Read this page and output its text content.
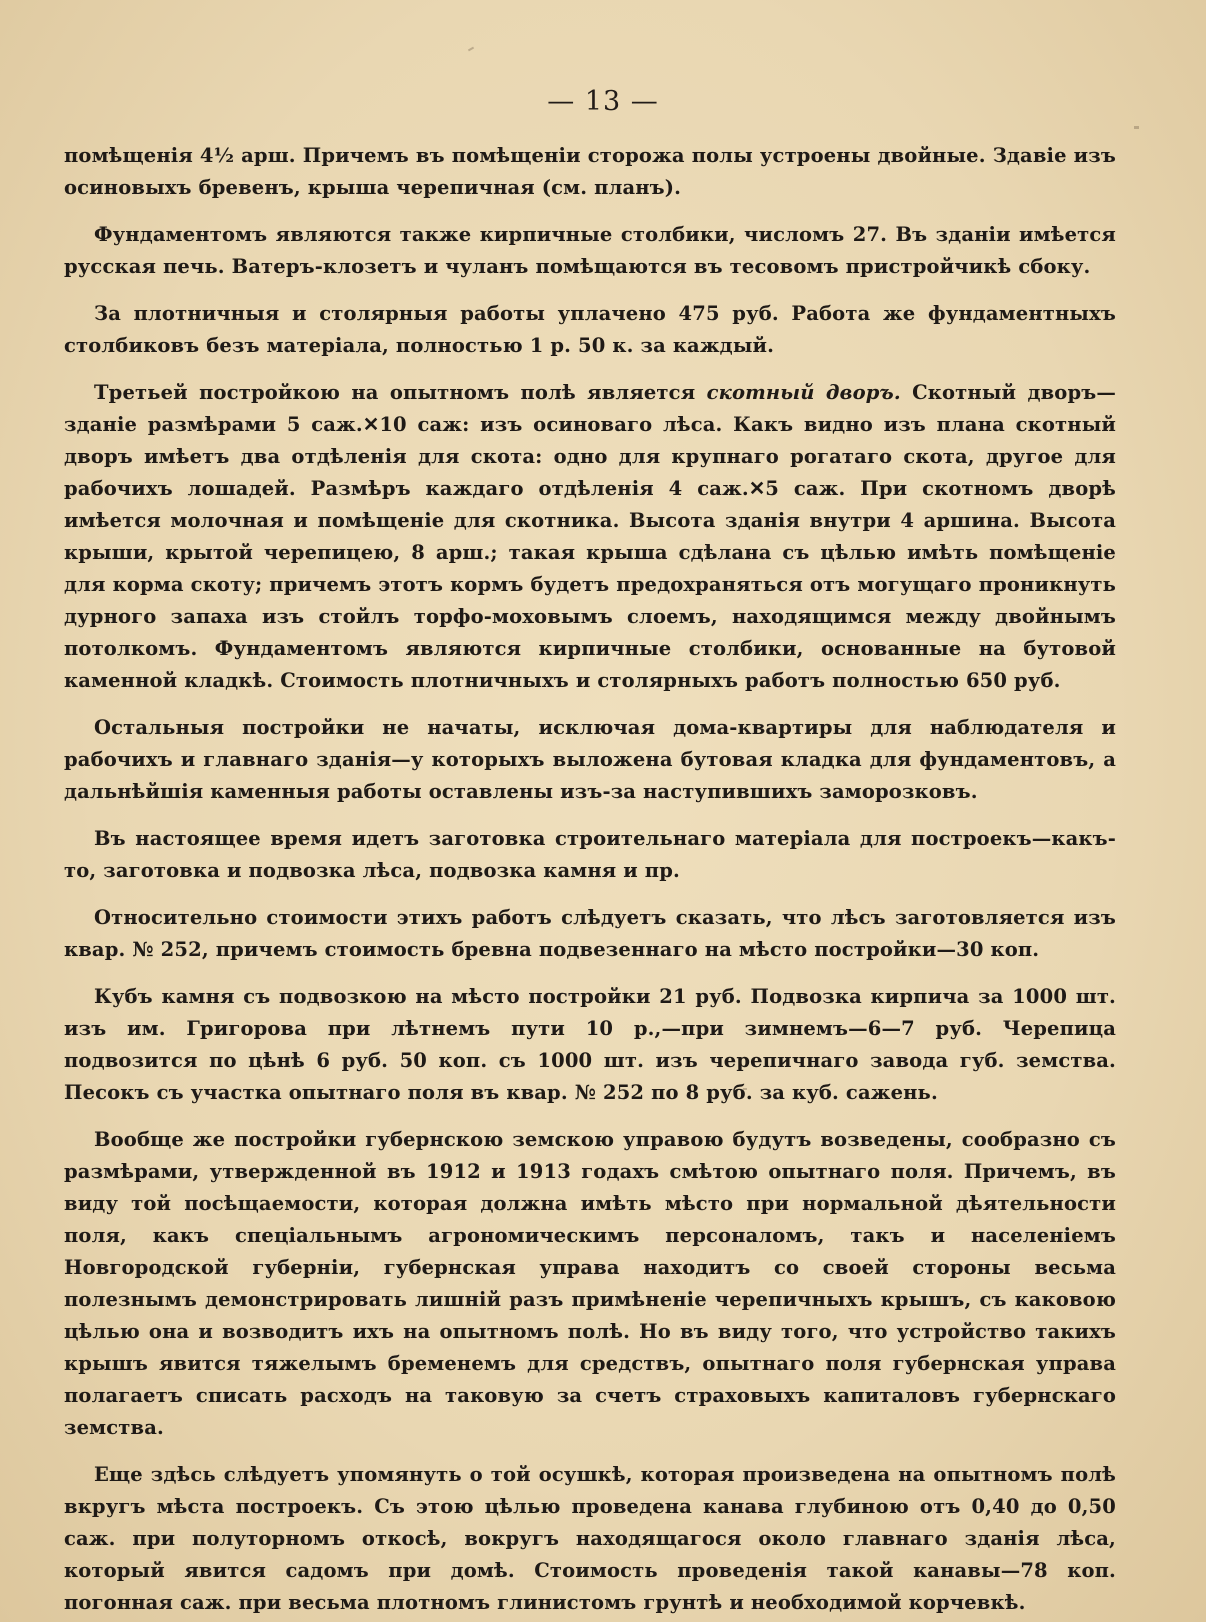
— 13 —

помѣщенія 4½ арш. Причемъ въ помѣщеніи сторожа полы устроены двойные. Здавіе изъ осиновыхъ бревенъ, крыша черепичная (см. планъ).

Фундаментомъ являются также кирпичные столбики, числомъ 27. Въ зданіи имѣется русская печь. Ватеръ-клозетъ и чуланъ помѣщаются въ тесовомъ пристройчикѣ сбоку.

За плотничныя и столярныя работы уплачено 475 руб. Работа же фундаментныхъ столбиковъ безъ матеріала, полностью 1 р. 50 к. за каждый.

Третьей постройкою на опытномъ полѣ является скотный дворъ. Скотный дворъ—зданіе размѣрами 5 саж.✕10 саж: изъ осиноваго лѣса. Какъ видно изъ плана скотный дворъ имѣетъ два отдѣленія для скота: одно для крупнаго рогатаго скота, другое для рабочихъ лошадей. Размѣръ каждаго отдѣленія 4 саж.✕5 саж. При скотномъ дворѣ имѣется молочная и помѣщеніе для скотника. Высота зданія внутри 4 аршина. Высота крыши, крытой черепицею, 8 арш.; такая крыша сдѣлана съ цѣлью имѣть помѣщеніе для корма скоту; причемъ этотъ кормъ будетъ предохраняться отъ могущаго проникнуть дурного запаха изъ стойлъ торфо-моховымъ слоемъ, находящимся между двойнымъ потолкомъ. Фундаментомъ являются кирпичные столбики, основанные на бутовой каменной кладкѣ. Стоимость плотничныхъ и столярныхъ работъ полностью 650 руб.

Остальныя постройки не начаты, исключая дома-квартиры для наблюдателя и рабочихъ и главнаго зданія—у которыхъ выложена бутовая кладка для фундаментовъ, а дальнѣйшія каменныя работы оставлены изъ-за наступившихъ заморозковъ.

Въ настоящее время идетъ заготовка строительнаго матеріала для построекъ—какъ-то, заготовка и подвозка лѣса, подвозка камня и пр.

Относительно стоимости этихъ работъ слѣдуетъ сказать, что лѣсъ заготовляется изъ квар. № 252, причемъ стоимость бревна подвезеннаго на мѣсто постройки—30 коп.

Кубъ камня съ подвозкою на мѣсто постройки 21 руб. Подвозка кирпича за 1000 шт. изъ им. Григорова при лѣтнемъ пути 10 р.,—при зимнемъ—6—7 руб. Черепица подвозится по цѣнѣ 6 руб. 50 коп. съ 1000 шт. изъ черепичнаго завода губ. земства. Песокъ съ участка опытнаго поля въ квар. № 252 по 8 руб. за куб. сажень.

Вообще же постройки губернскою земскою управою будутъ возведены, сообразно съ размѣрами, утвержденной въ 1912 и 1913 годахъ смѣтою опытнаго поля. Причемъ, въ виду той посѣщаемости, которая должна имѣть мѣсто при нормальной дѣятельности поля, какъ спеціальнымъ агрономическимъ персоналомъ, такъ и населеніемъ Новгородской губерніи, губернская управа находитъ со своей стороны весьма полезнымъ демонстрировать лишній разъ примѣненіе черепичныхъ крышъ, съ каковою цѣлью она и возводитъ ихъ на опытномъ полѣ. Но въ виду того, что устройство такихъ крышъ явится тяжелымъ бременемъ для средствъ, опытнаго поля губернская управа полагаетъ списать расходъ на таковую за счетъ страховыхъ капиталовъ губернскаго земства.

Еще здѣсь слѣдуетъ упомянуть о той осушкѣ, которая произведена на опытномъ полѣ вкругъ мѣста построекъ. Съ этою цѣлью проведена канава глубиною отъ 0,40 до 0,50 саж. при полуторномъ откосѣ, вокругъ находящагося около главнаго зданія лѣса, который явится садомъ при домѣ. Стоимость проведенія такой канавы—78 коп. погонная саж. при весьма плотномъ глинистомъ грунтѣ и необходимой корчевкѣ.
